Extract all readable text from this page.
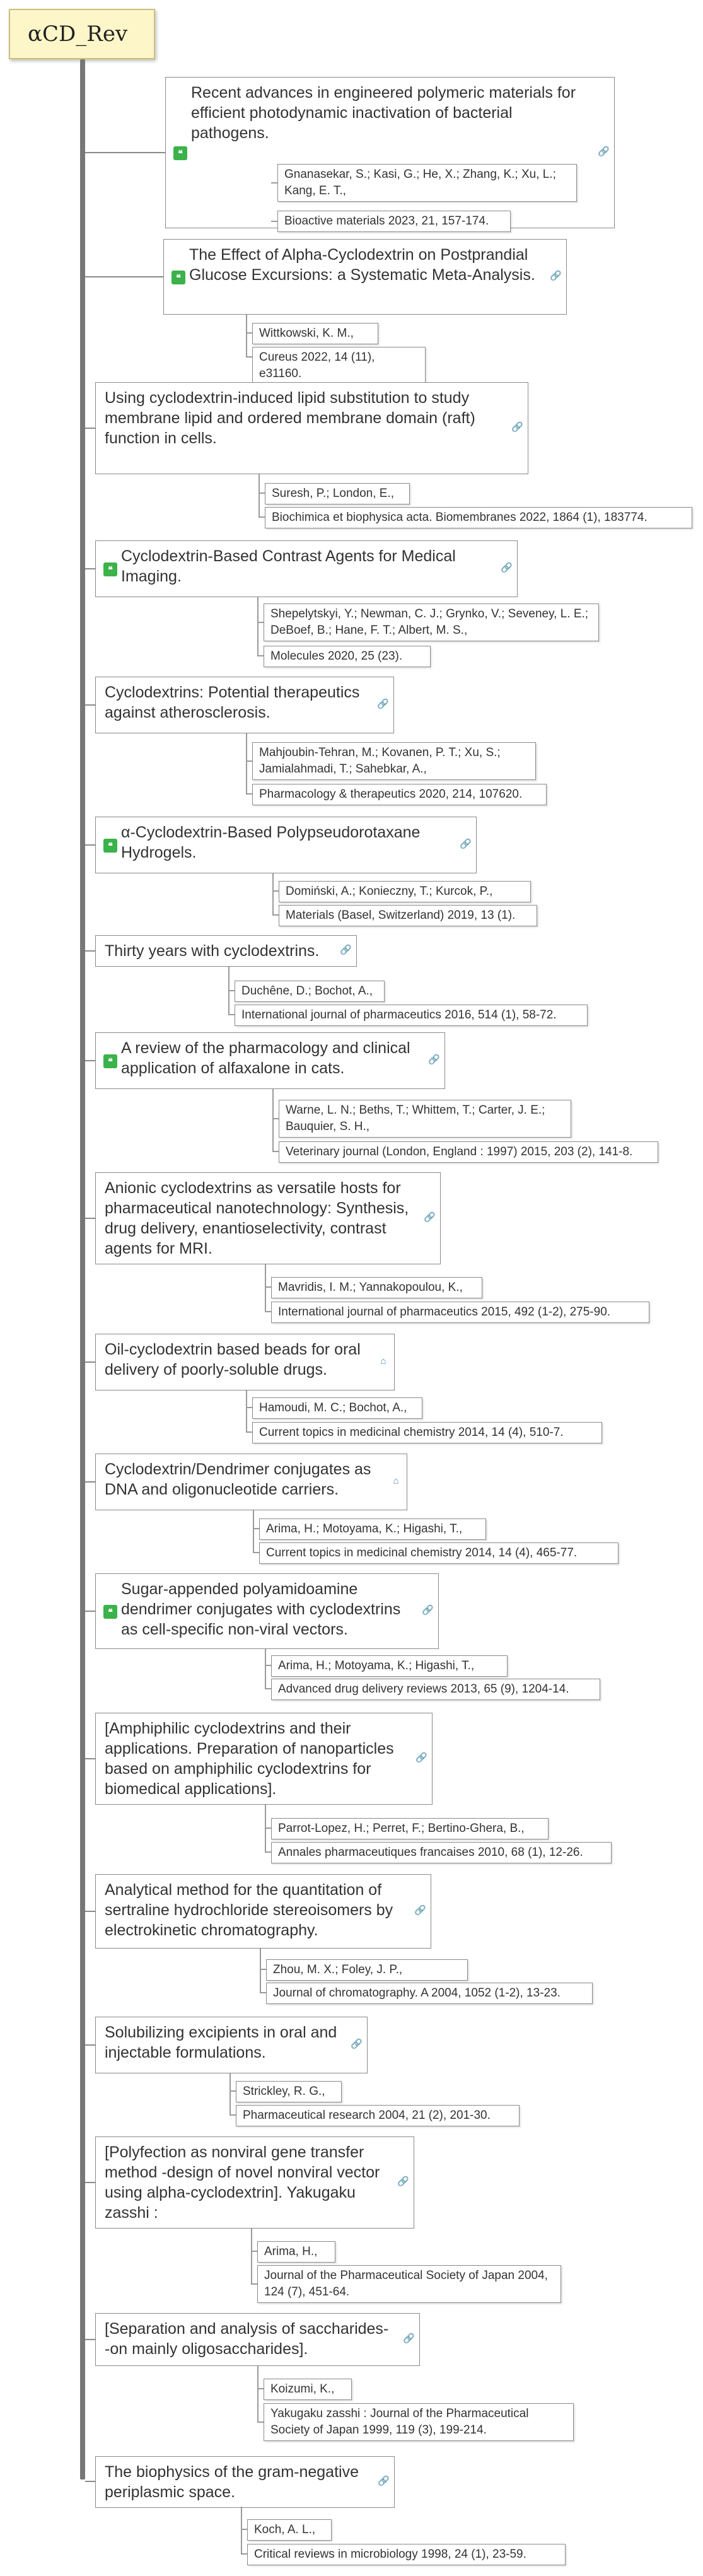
αCD_Rev
❝
Recent advances in engineered polymeric materials for efficient photodynamic inactivation of bacterial pathogens.
🔗
Gnanasekar, S.; Kasi, G.; He, X.; Zhang, K.; Xu, L.; Kang, E. T.,
Bioactive materials 2023, 21, 157-174.
❝
The Effect of Alpha-Cyclodextrin on Postprandial Glucose Excursions: a Systematic Meta-Analysis. 🔗
Wittkowski, K. M.,
Cureus 2022, 14 (11), e31160.
Using cyclodextrin-induced lipid substitution to study membrane lipid and ordered membrane domain (raft) function in cells.
🔗
Suresh, P.; London, E.,
Biochimica et biophysica acta. Biomembranes 2022, 1864 (1), 183774.
❝
Cyclodextrin-Based Contrast Agents for Medical Imaging.	🔗
Shepelytskyi, Y.; Newman, C. J.; Grynko, V.; Seveney, L. E.; DeBoef, B.; Hane, F. T.; Albert, M. S.,
Molecules 2020, 25 (23).
Cyclodextrins: Potential therapeutics against atherosclerosis.	🔗
Mahjoubin-Tehran, M.; Kovanen, P. T.; Xu, S.; Jamialahmadi, T.; Sahebkar, A.,
Pharmacology & therapeutics 2020, 214, 107620.
❝
α-Cyclodextrin-Based Polypseudorotaxane Hydrogels.	🔗
Domiński, A.; Konieczny, T.; Kurcok, P.,
Materials (Basel, Switzerland) 2019, 13 (1).
Thirty years with cyclodextrins. 🔗
Duchêne, D.; Bochot, A.,
International journal of pharmaceutics 2016, 514 (1), 58-72.
❝
A review of the pharmacology and clinical application of alfaxalone in cats.	🔗
Warne, L. N.; Beths, T.; Whittem, T.; Carter, J. E.; Bauquier, S. H.,
Veterinary journal (London, England : 1997) 2015, 203 (2), 141-8.
Anionic cyclodextrins as versatile hosts for pharmaceutical nanotechnology: Synthesis, drug delivery, enantioselectivity, contrast agents for MRI.
🔗
Mavridis, I. M.; Yannakopoulou, K.,
International journal of pharmaceutics 2015, 492 (1-2), 275-90.
Oil-cyclodextrin based beads for oral delivery of poorly-soluble drugs.	⌂
Hamoudi, M. C.; Bochot, A.,
Current topics in medicinal chemistry 2014, 14 (4), 510-7.
Cyclodextrin/Dendrimer conjugates as DNA and oligonucleotide carriers.	⌂
Arima, H.; Motoyama, K.; Higashi, T.,
Current topics in medicinal chemistry 2014, 14 (4), 465-77.
❝
Sugar-appended polyamidoamine dendrimer conjugates with cyclodextrins as cell-specific non-viral vectors.
🔗
Arima, H.; Motoyama, K.; Higashi, T.,
Advanced drug delivery reviews 2013, 65 (9), 1204-14.
[Amphiphilic cyclodextrins and their applications. Preparation of nanoparticles based on amphiphilic cyclodextrins for biomedical applications].
🔗
Parrot-Lopez, H.; Perret, F.; Bertino-Ghera, B.,
Annales pharmaceutiques francaises 2010, 68 (1), 12-26.
Analytical method for the quantitation of sertraline hydrochloride stereoisomers by electrokinetic chromatography.
🔗
Zhou, M. X.; Foley, J. P.,
Journal of chromatography. A 2004, 1052 (1-2), 13-23.
Solubilizing excipients in oral and injectable formulations.	🔗
Strickley, R. G.,
Pharmaceutical research 2004, 21 (2), 201-30.
[Polyfection as nonviral gene transfer method -design of novel nonviral vector using alpha-cyclodextrin]. Yakugaku zasshi :
🔗
Arima, H.,
Journal of the Pharmaceutical Society of Japan 2004, 124 (7), 451-64.
[Separation and analysis of saccharides--on mainly oligosaccharides].
🔗
Koizumi, K.,
Yakugaku zasshi : Journal of the Pharmaceutical Society of Japan 1999, 119 (3), 199-214.
The biophysics of the gram-negative periplasmic space.
🔗
Koch, A. L.,
Critical reviews in microbiology 1998, 24 (1), 23-59.
